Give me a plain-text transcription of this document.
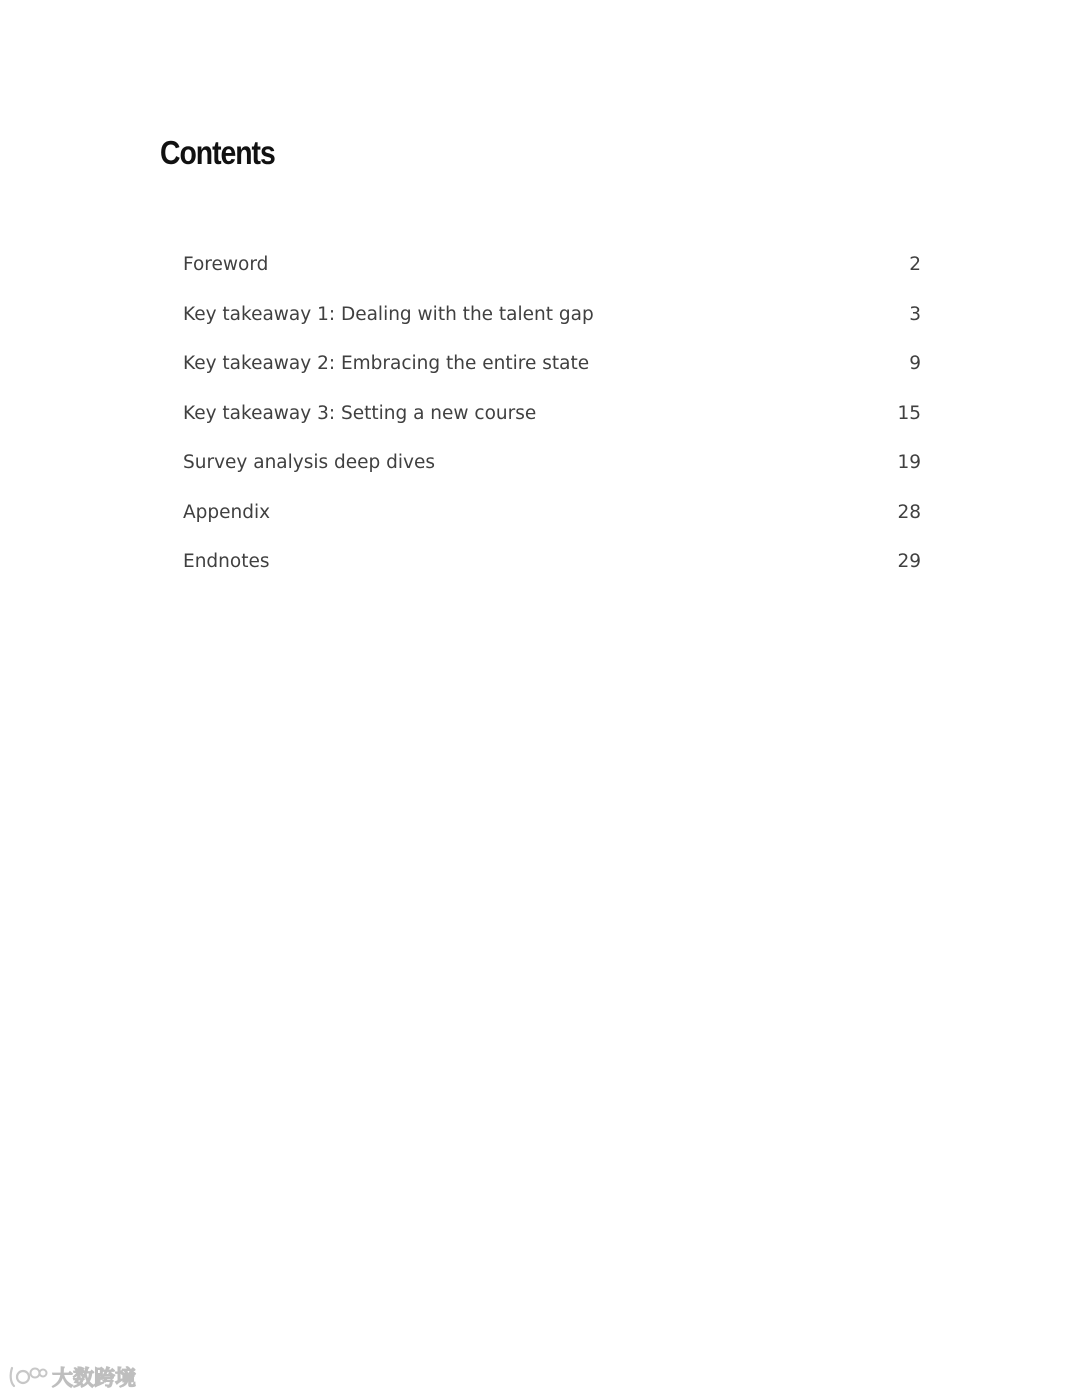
Contents
Foreword	2
Key takeaway 1: Dealing with the talent gap	3
Key takeaway 2: Embracing the entire state	9
Key takeaway 3: Setting a new course	15
Survey analysis deep dives	19
Appendix	28
Endnotes	29
大数跨境
